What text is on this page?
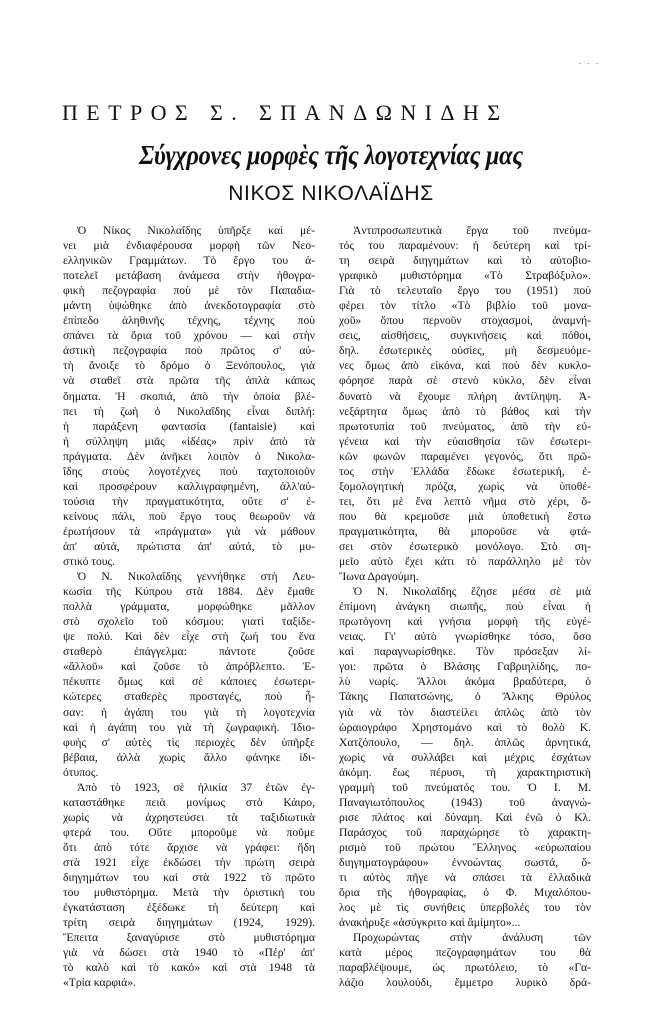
· · ·
ΠΕΤΡΟΣ Σ. ΣΠΑΝΔΩΝΙΔΗΣ
Σύγχρονες μορφὲς τῆς λογοτεχνίας μας
ΝΙΚΟΣ ΝΙΚΟΛΑΪΔΗΣ
Ὁ Νίκος Νικολαΐδης ὑπῆρξε καὶ μέ-
νει μιὰ ἐνδιαφέρουσα μορφὴ τῶν Νεο-
ελληνικῶν Γραμμάτων. Τὸ ἔργο του ἀ-
ποτελεῖ μετάβαση ἀνάμεσα στὴν ἠθογρα-
φικὴ πεζογραφία ποὺ μὲ τὸν Παπαδια-
μάντη ὑψώθηκε ἀπὸ ἀνεκδοτογραφία στὸ
ἐπίπεδο ἀληθινῆς τέχνης, τέχνης ποὺ
σπάνει τὰ ὅρια τοῦ χρόνου — καὶ στὴν
ἀστικὴ πεζογραφία ποὺ πρῶτος σ' αὐ-
τὴ ἄνοιξε τὸ δρόμο ὁ Ξενόπουλος, γιὰ
νὰ σταθεῖ στὰ πρῶτα τῆς ἁπλὰ κάπως
ὅηματα. Ἡ σκοπιά, ἀπὸ τὴν ὁποία βλέ-
πει τὴ ζωὴ ὁ Νικολαΐδης εἶναι διπλή:
ἡ παράξενη φαντασία (fantaisie) καὶ
ἡ σύλληψη μιᾶς «ἰδέας» πρὶν ἀπὸ τὰ
πράγματα. Δὲν ἀνῆκει λοιπὸν ὁ Νικολα-
ΐδης στοὺς λογοτέχνες ποὺ ταχτοποιοῦν
καὶ προσφέρουν καλλιγραφημένη, ἀλλ'αὐ-
τούσια τὴν πραγματικότητα, οὔτε σ' ἐ-
κείνους πάλι, ποὺ ἔργο τους θεωροῦν νὰ
ἐρωτήσουν τὰ «πράγματα» γιὰ νὰ μάθουν
ἀπ' αὐτά, πρώτιστα ἀπ' αὐτά, τὸ μυ-
στικό τους.
Ὁ Ν. Νικολαΐδης γεννήθηκε στὴ Λευ-
κωσία τῆς Κύπρου στὰ 1884. Δὲν ἔμαθε
πολλὰ γράμματα, μορφώθηκε μᾶλλον
στὸ σχολεῖο τοῦ κόσμου: γιατὶ ταξίδε-
ψε πολύ. Καὶ δὲν εἶχε στὴ ζωή του ἕνα
σταθερὸ ἐπάγγελμα: πάντοτε ζοῦσε
«ἄλλοῦ» καὶ ζοῦσε τὸ ἀπρόβλεπτο. Ἐ-
πέκυπτε ὅμως καὶ σὲ κάποιες ἐσωτερι-
κώτερες σταθερὲς προσταγές, ποὺ ἦ-
σαν: ἡ ἀγάπη του γιὰ τὴ λογοτεχνία
καὶ ἡ ἀγάπη του γιὰ τὴ ζωγραφική. Ἰδιο-
φυὴς σ' αὐτὲς τὶς περιοχὲς δὲν ὑπῆρξε
βέβαια, ἀλλὰ χωρὶς ἄλλο φάνηκε ἰδι-
ότυπος.
Ἀπὸ τὸ 1923, σὲ ἡλικία 37 ἐτῶν ἐγ-
καταστάθηκε πειὰ μονίμως στὸ Κάιρο,
χωρὶς νὰ ἀχρηστεύσει τὰ ταξιδιωτικὰ
φτερά του. Οὔτε μποροῦμε νὰ ποῦμε
ὅτι ἀπὸ τότε ἄρχισε νὰ γράφει: ἤδη
στὰ 1921 εἶχε ἐκδώσει τὴν πρώτη σειρὰ
διηγημάτων του καὶ στὰ 1922 τὸ πρῶτο
του μυθιστόρημα. Μετὰ τὴν ὁριστική του
ἐγκατάσταση ἐξέδωκε τὴ δεύτερη καὶ
τρίτη σειρὰ διηγημάτων (1924, 1929).
Ἔπειτα ξαναγύρισε στὸ μυθιστόρημα
γιὰ νὰ δώσει στὰ 1940 τὸ «Πέρ' ἀπ'
τὸ καλὸ καὶ τὸ κακό» καὶ στὰ 1948 τὰ
«Τρία καρφιά».
Ἀντιπροσωπευτικὰ ἔργα τοῦ πνεύμα-
τός του παραμένουν: ἡ δεύτερη καὶ τρί-
τη σειρὰ διηγημάτων καὶ τὸ αὐτοβιο-
γραφικὸ μυθιστόρημα «Τὸ Στραβόξυλο».
Γιὰ τὸ τελευταῖο ἔργο του (1951) ποὺ
φέρει τὸν τίτλο «Τὸ βιβλίο τοῦ μονα-
χοῦ» ὅπου περνοῦν στοχασμοί, ἀναμνή-
σεις, αἰσθήσεις, συγκινήσεις καὶ πόθοι,
δηλ. ἐσωτερικὲς οὐσίες, μὴ δεσμευόμε-
νες ὅμως ἀπὸ εἰκόνα, καὶ ποὺ δὲν κυκλο-
φόρησε παρὰ σὲ στενὸ κύκλο, δὲν εἶναι
δυνατὸ νὰ ἔχουμε πλήρη ἀντίληψη. Ἀ-
νεξάρτητα ὅμως ἀπὸ τὸ βάθος καὶ τὴν
πρωτοτυπία τοῦ πνεύματος, ἀπὸ τὴν εὐ-
γένεια καὶ τὴν εὐαισθησία τῶν ἐσωτερι-
κῶν φωνῶν παραμένει γεγονός, ὅτι πρῶ-
τος στὴν Ἑλλάδα ἔδωκε ἐσωτερική, ἐ-
ξομολογητικὴ πρόζα, χωρὶς νὰ ὑποθέ-
τει, ὅτι μὲ ἕνα λεπτὸ νῆμα στὸ χέρι, ὅ-
που θὰ κρεμοῦσε μιὰ ὑποθετικὴ ἔστω
πραγματικότητα, θὰ μποροῦσε νὰ φτά-
σει στὸν ἐσωτερικὸ μονόλογο. Στὸ ση-
μεῖο αὐτὸ ἔχει κάτι τὸ παράλληλο μὲ τὸν
Ἴωνα Δραγούμη.
Ὁ Ν. Νικολαΐδης ἔζησε μέσα σὲ μιὰ
ἐπίμονη ἀνάγκη σιωπῆς, ποὺ εἶναι ἡ
πρωτόγονη καὶ γνήσια μορφὴ τῆς εὐγέ-
νειας. Γι' αὐτὸ γνωρίσθηκε τόσο, ὅσο
καὶ παραγνωρίσθηκε. Τὸν πρόσεξαν λί-
γοι: πρῶτα ὁ Βλάσης Γαβριηλίδης, πο-
λὺ νωρίς. Ἄλλοι ἀκόμα βραδύτερα, ὁ
Τάκης Παπατσώνης, ὁ Ἄλκης Θρύλος
γιὰ νὰ τὸν διαστείλει ἁπλῶς ἀπὸ τὸν
ὡραιογράφο Χρηστομάνο καὶ τὸ θολὸ Κ.
Χατζόπουλο, — δηλ. ἁπλῶς ἀρνητικά,
χωρὶς νὰ συλλάβει καὶ μέχρις ἐσχάτων
ἀκόμη. ἕως πέρυσι, τὴ χαρακτηριστικὴ
γραμμὴ τοῦ πνεύματός του. Ὁ Ι. Μ.
Παναγιωτόπουλος (1943) τοῦ ἀναγνώ-
ρισε πλάτος καὶ δύναμη. Καὶ ἐνῶ ὁ Κλ.
Παράσχος τοῦ παραχώρησε τὸ χαρακτη-
ρισμὸ τοῦ πρώτου Ἕλληνος «εὐρωπαίου
διηγηματογράφου» ἐννοώντας σωστά, ὅ-
τι αὐτὸς πῆγε νὰ σπάσει τὰ ἑλλαδικὰ
ὅρια τῆς ἠθογραφίας, ὁ Φ. Μιχαλόπου-
λος μὲ τὶς συνήθεις ὑπερβολές του τὸν
ἀνακήρυξε «ἀσύγκριτο καὶ ἄμίμητο»...
Προχωρώντας στὴν ἀνάλυση τῶν
κατὰ μέρος πεζογραφημάτων του θὰ
παραβλέψουμε, ὡς πρωτόλειο, τὸ «Γα-
λάζιο λουλούδι, ἔμμετρο λυρικὸ δρά-
